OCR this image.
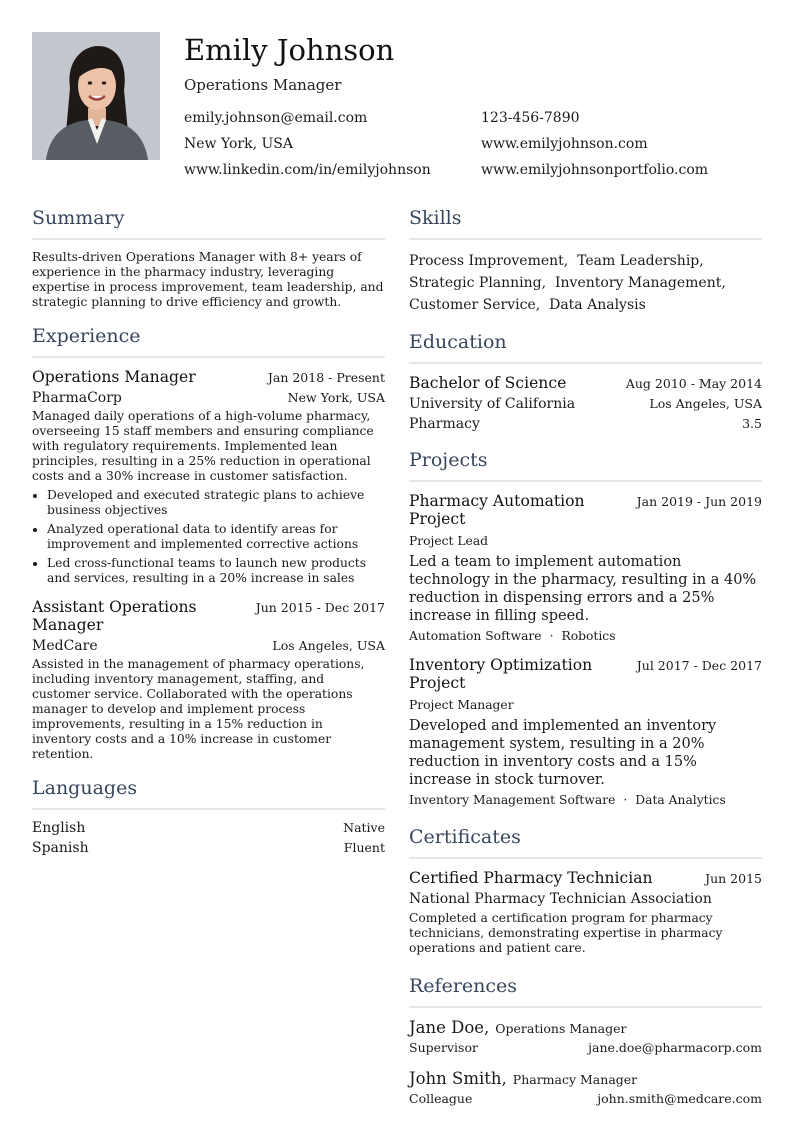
Emily Johnson
Operations Manager
emily.johnson@email.com	123-456-7890
New York, USA	www.emilyjohnson.com
www.linkedin.com/in/emilyjohnson	www.emilyjohnsonportfolio.com
Summary
Results-driven Operations Manager with 8+ years of experience in the pharmacy industry, leveraging expertise in process improvement, team leadership, and strategic planning to drive efficiency and growth.
Experience
Operations Manager	Jan 2018 - Present
PharmaCorp	New York, USA
Managed daily operations of a high-volume pharmacy, overseeing 15 staff members and ensuring compliance with regulatory requirements. Implemented lean principles, resulting in a 25% reduction in operational costs and a 30% increase in customer satisfaction.
• Developed and executed strategic plans to achieve business objectives
• Analyzed operational data to identify areas for improvement and implemented corrective actions
• Led cross-functional teams to launch new products and services, resulting in a 20% increase in sales
Assistant Operations Manager
Jun 2015 - Dec 2017
MedCare	Los Angeles, USA
Assisted in the management of pharmacy operations, including inventory management, staffing, and customer service. Collaborated with the operations manager to develop and implement process improvements, resulting in a 15% reduction in inventory costs and a 10% increase in customer retention.
Languages
English	Native
Spanish	Fluent
Skills
Process Improvement, Team Leadership,
Strategic Planning, Inventory Management,
Customer Service, Data Analysis
Education
Bachelor of Science	Aug 2010 - May 2014
University of California	Los Angeles, USA
Pharmacy	3.5
Projects
Pharmacy Automation Project
Jan 2019 - Jun 2019
Project Lead
Led a team to implement automation technology in the pharmacy, resulting in a 40% reduction in dispensing errors and a 25% increase in filling speed.
Automation Software · Robotics
Inventory Optimization Project
Jul 2017 - Dec 2017
Project Manager
Developed and implemented an inventory management system, resulting in a 20% reduction in inventory costs and a 15% increase in stock turnover.
Inventory Management Software · Data Analytics
Certificates
Certified Pharmacy Technician	Jun 2015
National Pharmacy Technician Association
Completed a certification program for pharmacy technicians, demonstrating expertise in pharmacy operations and patient care.
References
Jane Doe, Operations Manager
Supervisor	jane.doe@pharmacorp.com
John Smith, Pharmacy Manager
Colleague	john.smith@medcare.com
